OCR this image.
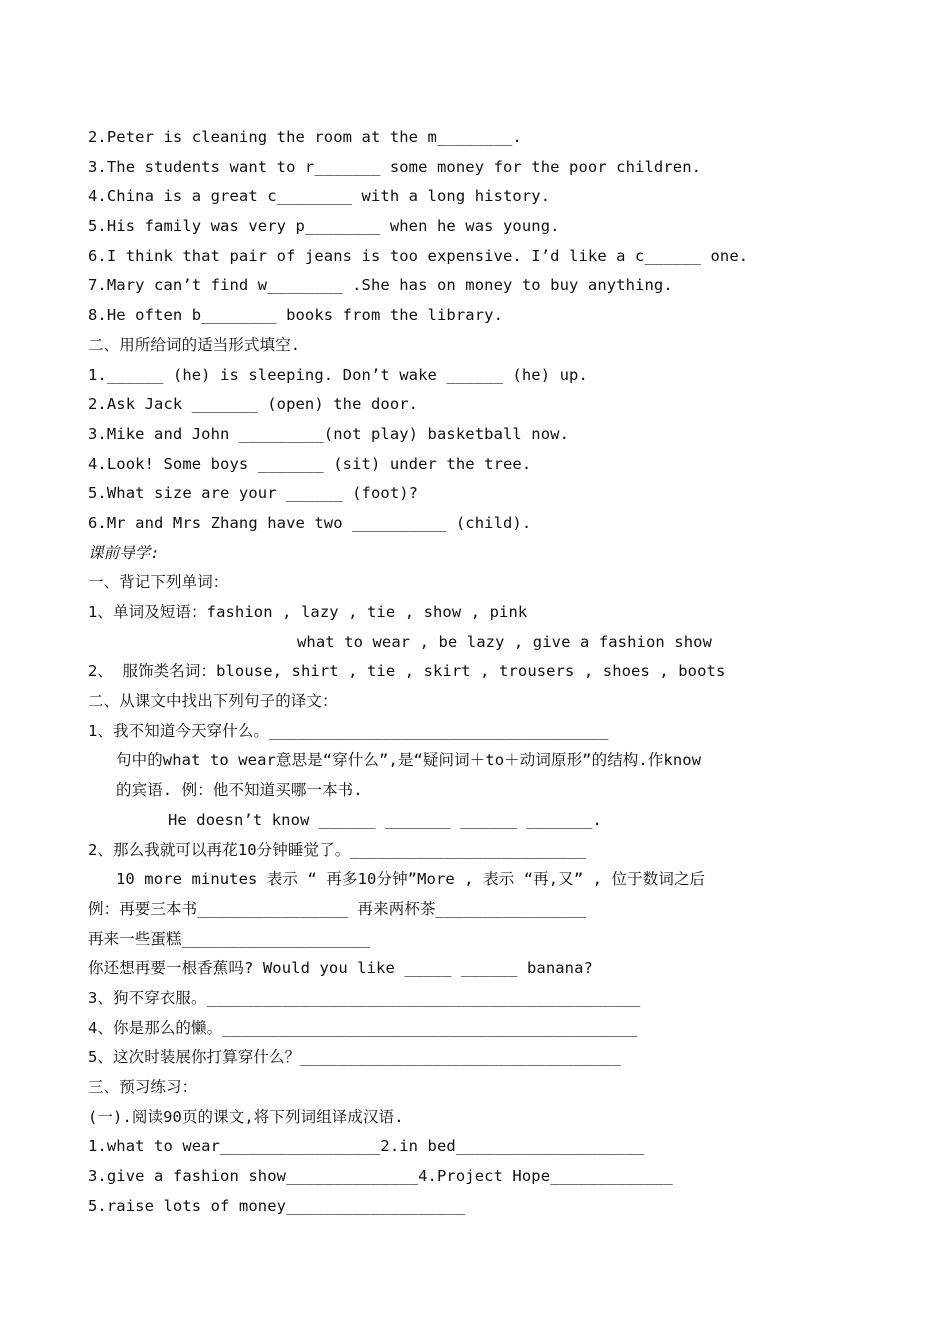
2.Peter is cleaning the room at the m________.
3.The students want to r_______ some money for the poor children.
4.China is a great c________ with a long history.
5.His family was very p________ when he was young.
6.I think that pair of jeans is too expensive. I’d like a c______ one.
7.Mary can’t find w________ .She has on money to buy anything.
8.He often b________ books from the library.
二、用所给词的适当形式填空.
1.______ (he) is sleeping. Don’t wake ______ (he) up.
2.Ask Jack _______ (open) the door.
3.Mike and John _________(not play) basketball now.
4.Look! Some boys _______ (sit) under the tree.
5.What size are your ______ (foot)?
6.Mr and Mrs Zhang have two __________ (child).
课前导学:
一、背记下列单词：
1、单词及短语：fashion , lazy , tie , show , pink
what to wear , be lazy , give a fashion show
2、 服饰类名词：blouse, shirt , tie , skirt , trousers , shoes , boots
二、从课文中找出下列句子的译文：
1、我不知道今天穿什么。____________________________________
句中的what to wear意思是“穿什么”,是“疑问词＋to＋动词原形”的结构.作know
的宾语. 例：他不知道买哪一本书.
He doesn’t know ______ _______ ______ _______.
2、那么我就可以再花10分钟睡觉了。_________________________
10 more minutes 表示 “ 再多10分钟”More , 表示 “再,又” , 位于数词之后
例：再要三本书________________ 再来两杯茶________________
再来一些蛋糕____________________
你还想再要一根香蕉吗? Would you like _____ ______ banana?
3、狗不穿衣服。______________________________________________
4、你是那么的懒。____________________________________________
5、这次时装展你打算穿什么？__________________________________
三、预习练习：
(一).阅读90页的课文,将下列词组译成汉语.
1.what to wear_________________2.in bed____________________
3.give a fashion show______________4.Project Hope_____________
5.raise lots of money___________________
